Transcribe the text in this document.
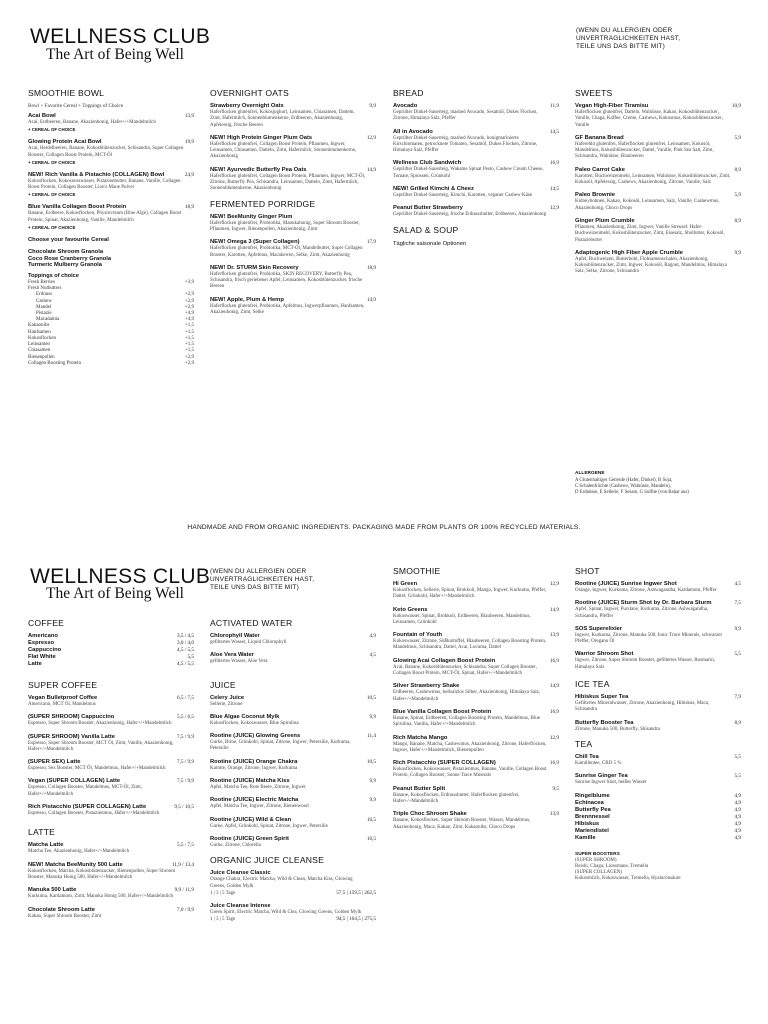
WELLNESS CLUB
The Art of Being Well
(WENN DU ALLERGIEN ODER UNVERTRAGLICHKEITEN HAST, TEILE UNS DAS BITTE MIT)
SMOOTHIE BOWL
Bowl + Favorite Cereal + Toppings of Choice
Acai Bowl	13,9
Acai, Erdbeeren, Banane, Akazienhonig, Hafer+/+Mandelmilch
+ CEREAL OF CHOICE
Glowing Protein Acai Bowl	19,9
Acai, Heidelbeeren, Banane, Kokosblütenzucker, Schisandra, Super Collagen Booster, Collagen Boost Protein, MCT-Öl
+ CEREAL OF CHOICE
NEW! Rich Vanilla & Pistachio (COLLAGEN) Bowl	24,9
Kokosflocken, Kokosnusswasser, Pistazienbutter, Banane, Vanille, Collagen Boost Protein, Collagen Booster, Lion's Mane Pulver
+ CEREAL OF CHOICE
Blue Vanilla Collagen Boost Protein	18,9
Banane, Erdbeere, Kokosflocken, Physinvraum (Blue Alge), Collagen Boost Protein, Spinat, Akazienhonig, Vanille, Mandelmilch
+ CEREAL OF CHOICE
Choose your favourite Cereal
Chocolate Shroom Granola
Coco Rose Cranberry Granola
Turmeric Mulberry Granola
Toppings of choice
Fresh Berries	+3,9
Fresh Nutbutters
Erdnuss	+2,9
Cashew	+2,9
Mandel	+2,9
Pistazie	+4,9
Macadamia	+4,9
Kakaonibs	+1,5
Hanfsamen	+1,5
Kokosflocken	+1,5
Leinsamen	+1,5
Chiasamen	+1,5
Bienenpollen	+2,9
Collagen Boosting Protein	+2,9
OVERNIGHT OATS
Strawberry Overnight Oats	9,9
Haferflocken glutenfrei, Kokosjoghurt, Leinsamen, Chiasamen, Datteln, Zimt, Hafermilch, Sonnenblumenkerne, Erdbeeren, Akazienhonig, Apfelessig, frische Beeren
NEW! High Protein Ginger Plum Oats	12,9
Haferflocken glutenfrei, Collagen Boost Protein, Pflaumen, Ingwer, Leinsamen, Chiasamen, Datteln, Zimt, Hafermilch, Sonnenblumenkerne, Akazienhonig
NEW! Ayurvedic Butterfly Pea Oats	14,9
Haferflocken glutenfrei, Collagen Boost Protein, Pflaumen, Ingwer, MCT-Öl, Zitrone, Butterfly Pea, Schisandra, Leinsamen, Datteln, Zimt, Hafermilch, Sonnenblumenkerne, Akazienhonig
FERMENTED PORRIDGE
NEW! BeeMunity Ginger Plum
Haferflocken glutenfrei, Probiotika, Manukahonig, Super Shroom Booster, Pflaumen, Ingwer, Bienenpollen, Akazienhonig, Zimt
NEW! Omega 3 (Super Collagen)	17,9
Haferflocken glutenfrei, Probiotika, MCT-Öl, Mandelbutter, Super Collagen Booster, Karotten, Apfelmus, Macaberren, Selke, Zimt, Akazienhonig
NEW! Dr. STURM Skin Recovery	18,9
Haferflocken glutenfrei, Probiotika, SKIN RECOVERY, Butterfly Pea, Schisandra, frisch geriebener Apfel, Leinsamen, Kokosblütenzucker, frische Beeren
NEW! Apple, Plum & Hemp	14,9
Haferflocken glutenfrei, Probiotika, Apfelmus, Ingwerpflaumen, Hanfsamen, Akazienhonig, Zimt, Selke
BREAD
Avocado	11,9
Geprillter Dinkel-Sauerteig, mashed Avocado, Sesamöl, Dukes Flocken, Zitrone, Himalaya Salz, Pfeffer
All in Avocado	14,5
Geprillter Dinkel-Sauerteig, mashed Avocado, honigmarinierte Kirschtomaten, getrocknete Tomaten, Sesamöl, Dukes Flocken, Zitrone, Himalaya Salz, Pfeffer
Wellness Club Sandwich	16,9
Geprillter Dinkel-Sauerteig, Wakame Spinat Pesto, Cashew Cream Cheese, Tomate, Sprossen, Grünkohl
NEW! Grilled Kimchi & Cheez	14,5
Geprillter Dinkel-Sauerteig, Kimchi, Karotten, veganer Cashew Käse
Peanut Butter Strawberry	12,9
Geprillter Dinkel-Sauerteig, frische Erdnussbutter, Erdbeeren, Akazienhonig
SALAD & SOUP
Tägliche saisonale Optionen
SWEETS
Vegan High-Fiber Tiramisu	10,9
Haferflocken glutenfrei, Datteln, Walnüsse, Kakao, Kokosblütenzucker, Vanille, Chaga, Kaffee, Creme, Cashews, Kokosmus, Kokosblütenzucker, Vanille
GF Banana Bread	5,9
Haferehhl glutenfrei, Haferflocken glutenfrei, Leinsamen, Kokosöl, Mandelmus, Kokosblütenzucker, Dattel, Vanille, Pink Sea Salt, Zimt, Schisandra, Walnüsse, Blaubeeren
Paleo Carrot Cake	8,9
Karotten, Buchweizenmehl, Leinsamen, Walnüsse, Kokosblütenzucker, Zimt, Kokosöl, Apfelessig, Cashews, Akazienhonig, Zitrone, Vanille, Salz
Paleo Brownie	5,9
Kidneybohnen, Kakao, Kokosöl, Leinsamen, Salz, Vanille, Cashewmus, Akazienhonig, Choco Drops
Ginger Plum Crumble	8,9
Pflaumen, Akazienhonig, Zimt, Ingwer, Vanille Streusel: Hafer-Buchweizenmehl, Kokosblütenzucker, Zimt, Eisesalz, Sbollutter, Kokosöl, Pistaziebutter
Adaptogenic High Fiber Apple Crumble	9,9
Apfel, Buchweizen, Butterbohl, Flohsamenschalen, Akazienhonig, Kokosblütenzucker, Zimt, Ingwer, Kokosöl, Ragout, Mandelmus, Himalaya Salz, Selke, Zitrone, Schisandra
ALLERGENE
A Glutenhaltiges Getreide (Hafer, Dinkel), B Soja,
C Schalenfrüchte (Cashews, Walnüsse, Mandeln),
D Erdnüsse, E Sellerie, F Sesam, G Sulfite (von Bahar aus)
HANDMADE AND FROM ORGANIC INGREDIENTS. PACKAGING MADE FROM PLANTS OR 100% RECYCLED MATERIALS.
WELLNESS CLUB
The Art of Being Well
(WENN DU ALLERGIEN ODER UNVERTRAGLICHKEITEN HAST, TEILE UNS DAS BITTE MIT)
COFFEE
Americano	3,5 / 4,5
Espresso	3,0 / 4,0
Cappuccino	4,5 / 5,5
Flat White	5,5
Latte	4,5 / 5,5
SUPER COFFEE
Vegan Bulletproof Coffee	6,5 / 7,5
Americano, MCT Öl, Mandelmus
(SUPER SHROOM) Cappuccino	5,5 / 6,5
Espresso, Super Shroom Booster, Akazienhonig, Hafer+/+Mandelmilch
(SUPER SHROOM) Vanilla Latte	7,5 / 9,9
Espresso, Super Shroom Booster, MCT Öl, Zimt, Vanille, Akazienhonig, Hafer+/+Mandelmilch
(SUPER SEX) Latte	7,5 / 9,9
Espresso, Sex Booster, MCT Öl, Mandelmus, Hafer+/+Mandelmilch
Vegan (SUPER COLLAGEN) Latte	7,5 / 9,9
Espresso, Collagen Booster, Mandelmus, MCT-Öl, Zimt, Hafer+/+Mandelmilch
Rich Pistacchio (SUPER COLLAGEN) Latte	9,5 / 10,5
Espresso, Collagen Booster, Pistazienmus, Hafer+/+Mandelmilch
LATTE
Matcha Latte	5,5 / 7,5
Matcha Tee, Akazienhonig, Hafer+/+Mandelmilch
NEW! Matcha BeeMunity 500 Latte	11,9 / 13,4
Kokosflocken, Matcha, Kokosblütenzucker, Bienenpollen, Super Shroom Booster, Manuka Honig 500, Hafer+/+Mandelmilch
Manuka 500 Latte	9,9 / 11,9
Kurkuma, Kardamom, Zimt, Manuka Honig 500, Hafer+/+Mandelmilch
Chocolate Shroom Latte	7,0 / 9,9
Kakao, Super Shroom Booster, Zimt
ACTIVATED WATER
Chlorophyll Water	4,9
gefiltertes Wasser, Liquid Chlorophyll
Aloe Vera Water	4,5
gefiltertes Wasser, Aloe Vera
JUICE
Celery Juice	10,5
Sellerie, Zitrone
Blue Algae Coconut Mylk	9,9
Kokosflocken, Kokoswasser, Blue Spirulina
Rootine (JUICE) Glowing Greens	11,4
Gurke, Birne, Grünkohl, Spinat, Zitrone, Ingwer, Petersilie, Kurkuma, Petersilie
Rootine (JUICE) Orange Chakra	10,5
Karotte, Orange, Zitrone, Ingwer, Kurkuma
Rootine (JUICE) Matcha Kiss	9,9
Apfel, Matcha Tee, Rote Beete, Zitrone, Ingwer
Rootine (JUICE) Electric Matcha	9,9
Apfel, Matcha Tee, Ingwer, Zitrone, Bienenwood
Rootine (JUICE) Wild & Clean	10,5
Gurke, Apfel, Grünkohl, Spinat, Zitrone, Ingwer, Petersilie
Rootine (JUICE) Green Spirit	10,5
Gurke, Zitrone, Chlorella
ORGANIC JUICE CLEANSE
Juice Cleanse Classic
Orange Chakra, Electric Matcha, Wild & Clean, Matcha Kiss, Glowing Greens, Golden Mylk
1 | 3 | 5 Tage	57,5 | 159,5 | 262,5
Juice Cleanse Intense
Green Spirit, Electric Matcha, Wild & Clea, Glowing Greens, Golden Mylk
1 | 3 | 5 Tage	94,5 | 164,5 | 275,5
SMOOTHIE
Hi Green	12,9
Kokosflocken, Sellerie, Spinat, Brokkoli, Mango, Ingwer, Kurkuma, Pfeffer, Dattel, Grünkohl, Hafer+/+Mandelmilch
Keto Greens	14,9
Kokoswasser, Spinat, Brokkoli, Erdbeeren, Blaubeeren, Mandelmus, Leinsamen, Grünkohl
Fountain of Youth	13,9
Kokoswasser, Zitrone, Süßkartoffel, Blaubeeren, Collagen Boosting Protein, Mandelmus, Schisandra, Dattel, Acai, Lucuma, Dattel
Glowing Acai Collagen Boost Protein	16,9
Acai, Banane, Kokosblütenzucker, Schisandra, Super Collagen Booster, Collagen Boost Protein, MCT-Öl, Spinat, Hafer+/+Mandelmilch
Silver Strawberry Shake	14,9
Erdbeeren, Cashewmus, hellsalzlos Silber, Akazienhonig, Himalaya Salz, Hafer+/+Mandelmilch
Blue Vanilla Collagen Boost Protein	16,9
Banane, Spinat, Erdbeeren, Collagen Boosting Protein, Mandelmus, Blue Spirulina, Vanilla, Hafer+/+Mandelmilch
Rich Matcha Mango	12,9
Mango, Banane, Matcha, Cashewmus, Akazienhonig, Zitrone, Haferflocken, Ingwer, Hafer+/+Mandelmilch, Bienenpollen
Rich Pistacchio (SUPER COLLAGEN)	16,9
Kokosflocken, Kokoswasser, Pistazienmus, Banane, Vanille, Collagen Boost Protein, Collagen Booster, Sonne Trace Minerals
Peanut Butter Split	9,5
Banane, Kokosflocken, Erdnussbutter, Haferflocken glutenfrei, Hafer+/+Mandelmilch
Triple Choc Shroom Shake	13,9
Banane, Kokosflocken, Super Shroom Booster, Wasser, Mandelmus, Akazienhonig, Maca, Kakao, Zimt, Kakaonibs, Choco Drops
SHOT
Rootine (JUICE) Sunrise Ingwer Shot	4,5
Orange, Ingwer, Kurkuma, Zitrone, Ashwagandha, Kardamom, Pfeffer
Rootine (JUICE) Sturm Shot by Dr. Barbara Sturm	7,5
Apfel, Spinat, Ingwer, Purslane, Kurkuma, Zitrone, Ashwagandha, Schisandra, Pfeffer
SOS Superelixier	9,9
Ingwer, Kurkuma, Zitrone, Manuka 500, Ionic Trace Minerals, schwarzer Pfeffer, Oregano Öl
Warrior Shroom Shot	5,5
Ingwer, Zitrone, Super Shroom Booster, gefiltertes Wasser, Rosmarin, Himalaya Salz
ICE TEA
Hibiskus Super Tea	7,9
Gefiltertes Mineralwasser, Zitrone, Akazienhonig, Hibiskus, Maca, Schisandra
Butterfly Booster Tea	8,9
Zitrone, Manuka 500, Butterfly, Shisandra
TEA
Chill Tea	5,5
Kamillentee, CBD 5 %
Sunrise Ginger Tea	5,5
Sunrise Ingwer Shot, heißes Wasser
Ringelblume	4,9
Echinacea	4,9
Butterfly Pea	4,9
Brennnessel	4,9
Hibiskus	4,9
Mariendistel	4,9
Kamille	4,9
SUPER BOOSTERS
(SUPER SHROOM)
Reishi, Chaga, Lionsmane, Tremella
(SUPER COLLAGEN)
Kokosmilch, Kokoswasser, Tremella, Hyaluronsäure
